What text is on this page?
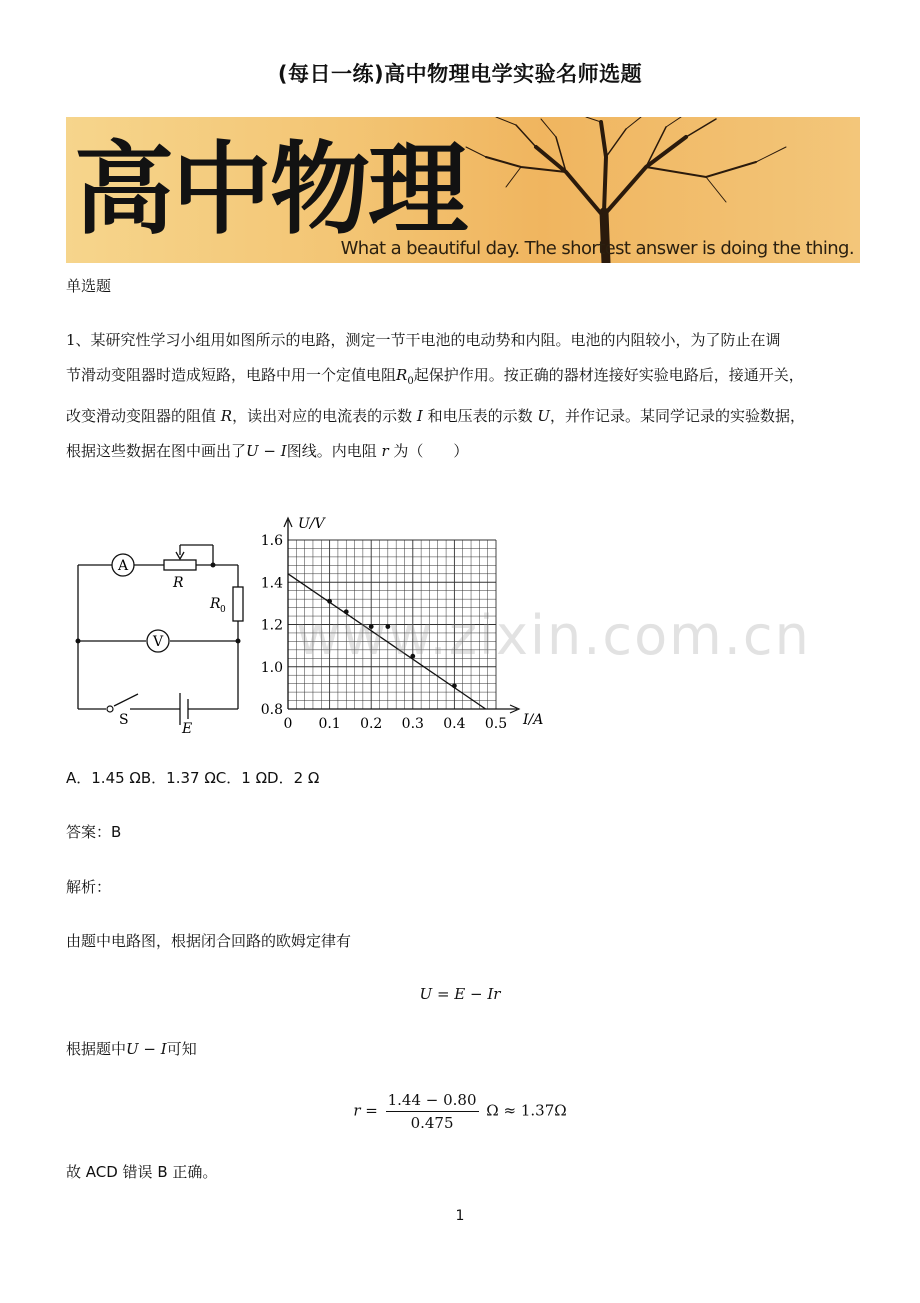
(每日一练)高中物理电学实验名师选题
高中物理
What a beautiful day. The shortest answer is doing the thing.
单选题
1、某研究性学习小组用如图所示的电路，测定一节干电池的电动势和内阻。电池的内阻较小，为了防止在调
节滑动变阻器时造成短路，电路中用一个定值电阻$R_0$起保护作用。按正确的器材连接好实验电路后，接通开关，
改变滑动变阻器的阻值 R，读出对应的电流表的示数 I 和电压表的示数 U，并作记录。某同学记录的实验数据，
根据这些数据在图中画出了U − I图线。内电阻 r 为（　　）
A
V
R
R 0
S
E
U/V
I/A
0 0.1 0.2 0.3 0.4 0.5
1.6
1.4
1.2
1.0
0.8
www.zixin.com.cn
A．1.45 ΩB．1.37 ΩC．1 ΩD．2 Ω
答案：B
解析：
由题中电路图，根据闭合回路的欧姆定律有
U = E − Ir
根据题中U − I可知
$r = \frac{1.44 - 0.80}{0.475}$ Ω ≈ 1.37Ω
故 ACD 错误 B 正确。
1
